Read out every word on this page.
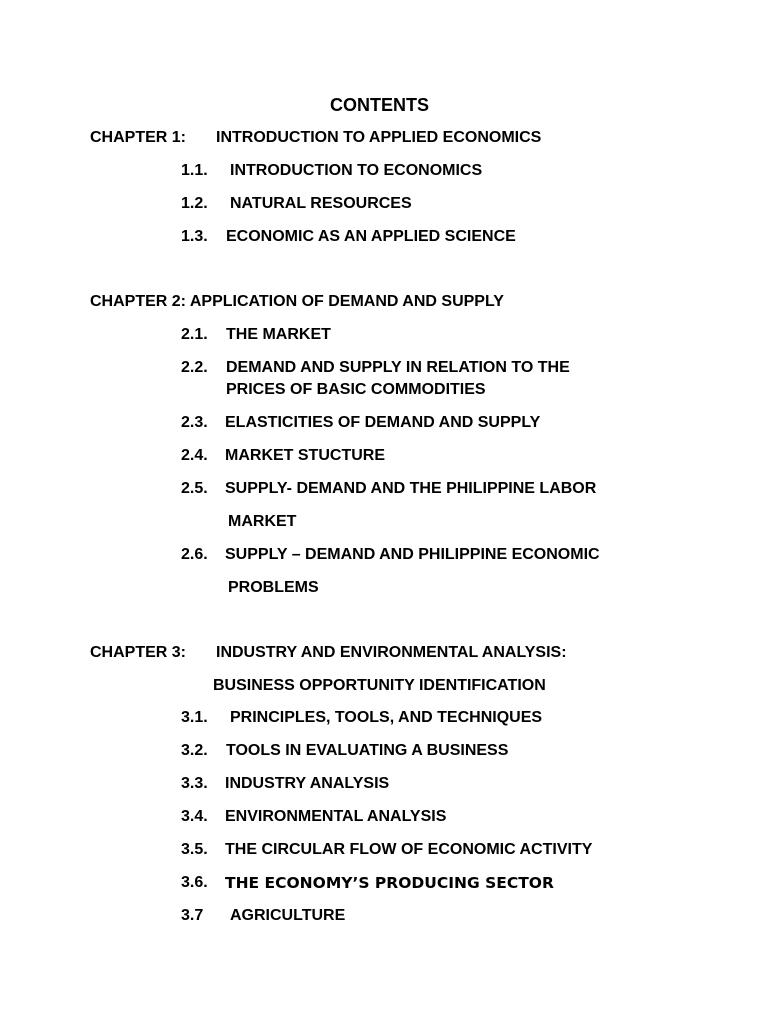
CONTENTS
CHAPTER 1: INTRODUCTION TO APPLIED ECONOMICS
1.1. INTRODUCTION TO ECONOMICS
1.2. NATURAL RESOURCES
1.3. ECONOMIC AS AN APPLIED SCIENCE
CHAPTER 2: APPLICATION OF DEMAND AND SUPPLY
2.1. THE MARKET
2.2. DEMAND AND SUPPLY IN RELATION TO THE
PRICES OF BASIC COMMODITIES
2.3. ELASTICITIES OF DEMAND AND SUPPLY
2.4. MARKET STUCTURE
2.5. SUPPLY- DEMAND AND THE PHILIPPINE LABOR
MARKET
2.6. SUPPLY – DEMAND AND PHILIPPINE ECONOMIC
PROBLEMS
CHAPTER 3: INDUSTRY AND ENVIRONMENTAL ANALYSIS:
BUSINESS OPPORTUNITY IDENTIFICATION
3.1. PRINCIPLES, TOOLS, AND TECHNIQUES
3.2. TOOLS IN EVALUATING A BUSINESS
3.3. INDUSTRY ANALYSIS
3.4. ENVIRONMENTAL ANALYSIS
3.5. THE CIRCULAR FLOW OF ECONOMIC ACTIVITY
3.6. THE ECONOMY’S PRODUCING SECTOR
3.7 AGRICULTURE
